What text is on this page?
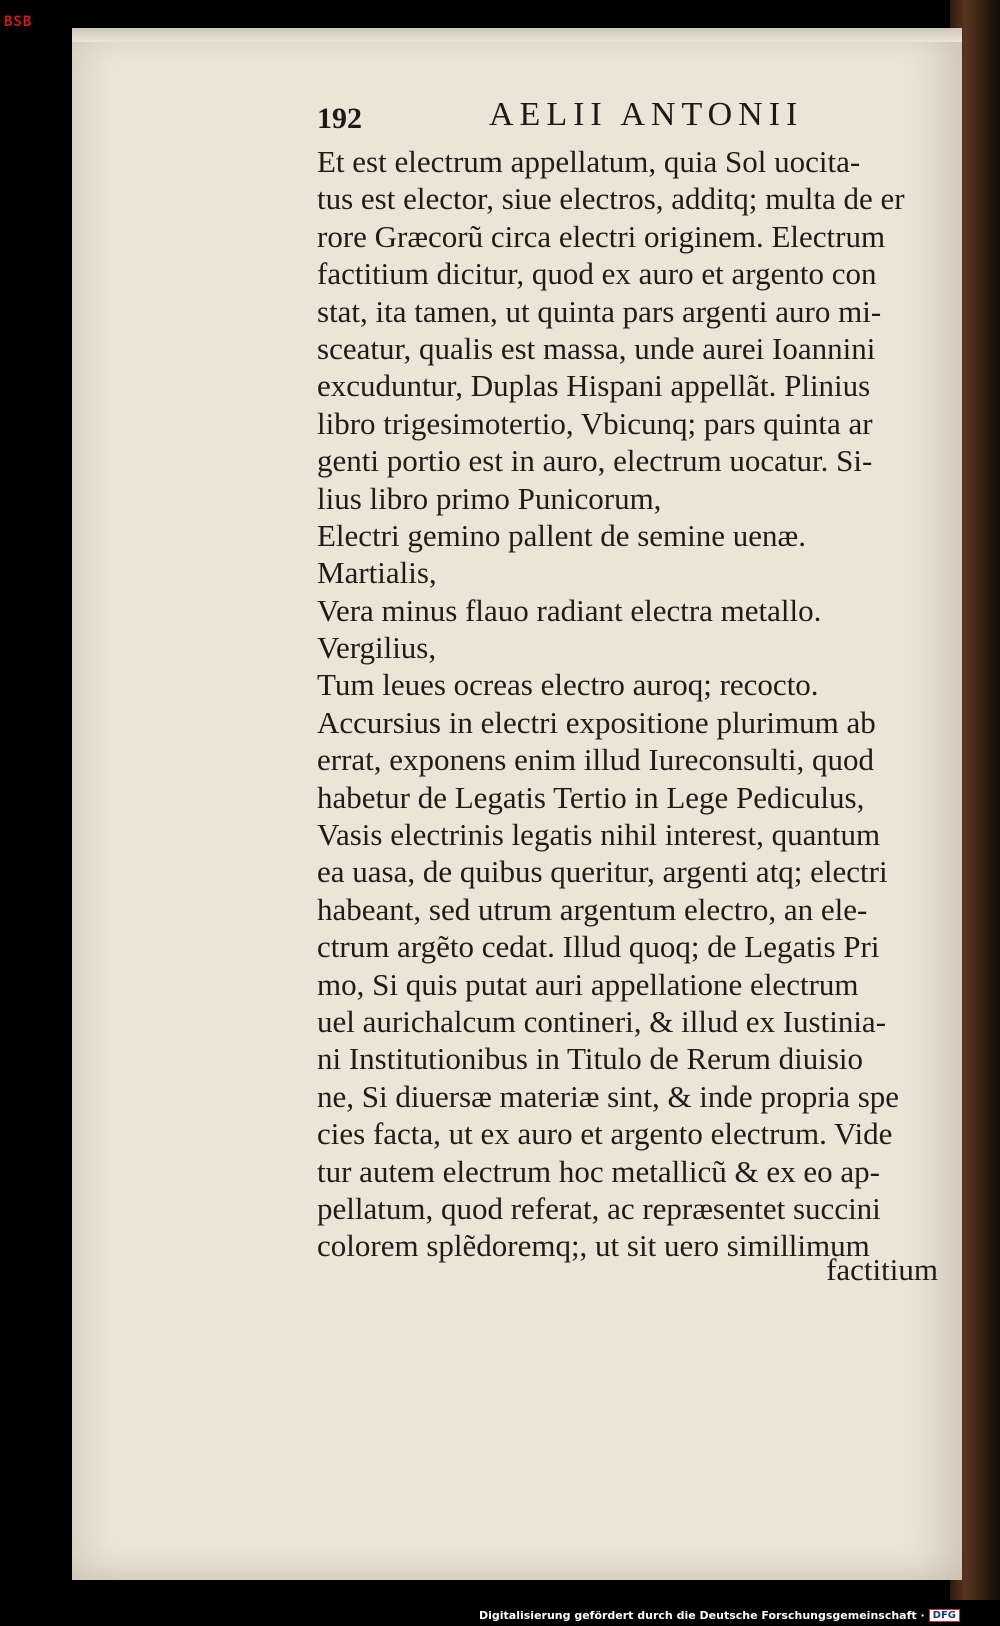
BSB
192	AELII ANTONII
Et est electrum appellatum, quia Sol uocita-
tus est elector, siue electros, additq; multa de er
rore Græcorũ circa electri originem. Electrum
factitium dicitur, quod ex auro et argento con
stat, ita tamen, ut quinta pars argenti auro mi-
sceatur, qualis est massa, unde aurei Ioannini
excuduntur, Duplas Hispani appellãt. Plinius
libro trigesimotertio, Vbicunq; pars quinta ar
genti portio est in auro, electrum uocatur. Si-
lius libro primo Punicorum,
Electri gemino pallent de semine uenæ.
Martialis,
Vera minus flauo radiant electra metallo.
Vergilius,
Tum leues ocreas electro auroq; recocto.
Accursius in electri expositione plurimum ab
errat, exponens enim illud Iureconsulti, quod
habetur de Legatis Tertio in Lege Pediculus,
Vasis electrinis legatis nihil interest, quantum
ea uasa, de quibus queritur, argenti atq; electri
habeant, sed utrum argentum electro, an ele-
ctrum argẽto cedat. Illud quoq; de Legatis Pri
mo, Si quis putat auri appellatione electrum
uel aurichalcum contineri, & illud ex Iustinia-
ni Institutionibus in Titulo de Rerum diuisio
ne, Si diuersæ materiæ sint, & inde propria spe
cies facta, ut ex auro et argento electrum. Vide
tur autem electrum hoc metallicũ & ex eo ap-
pellatum, quod referat, ac repræsentet succini
colorem splẽdoremq;, ut sit uero simillimum
factitium
Digitalisierung gefördert durch die Deutsche Forschungsgemeinschaft · DFG
